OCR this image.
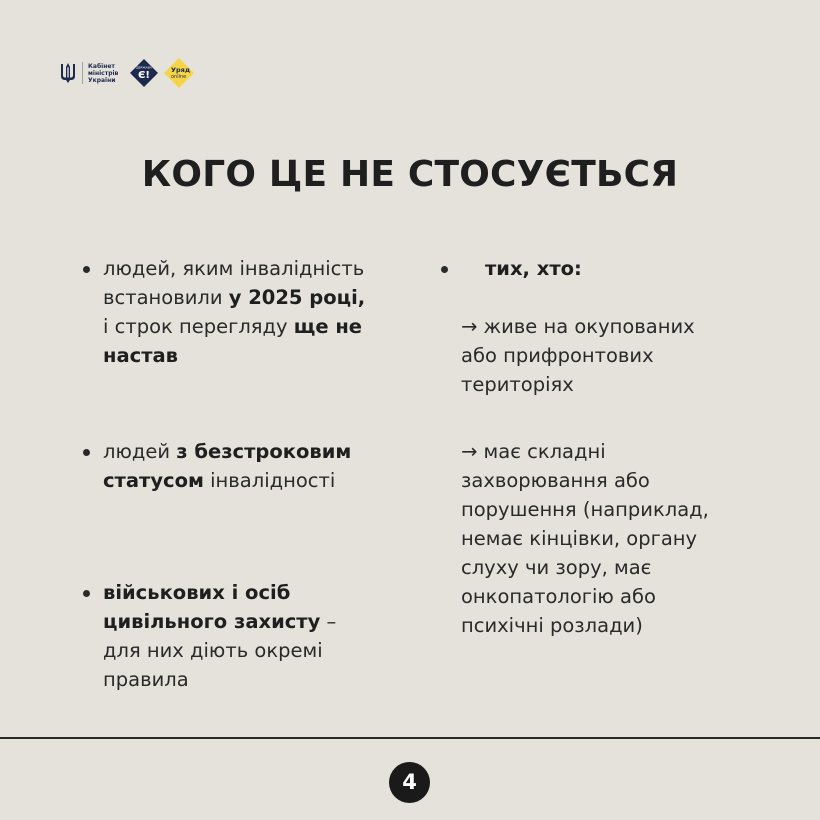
Кабінет
міністрів
України
ДЕРЖАВА
Є!	Уряд
online
КОГО ЦЕ НЕ СТОСУЄТЬСЯ
людей, яким інвалідність
встановили у 2025 році,
і строк перегляду ще не
настав
людей з безстроковим
статусом інвалідності
військових і осіб
цивільного захисту –
для них діють окремі
правила
тих, хто:
→ живе на окупованих
або прифронтових
територіях
→ має складні
захворювання або
порушення (наприклад,
немає кінцівки, органу
слуху чи зору, має
онкопатологію або
психічні розлади)
4
